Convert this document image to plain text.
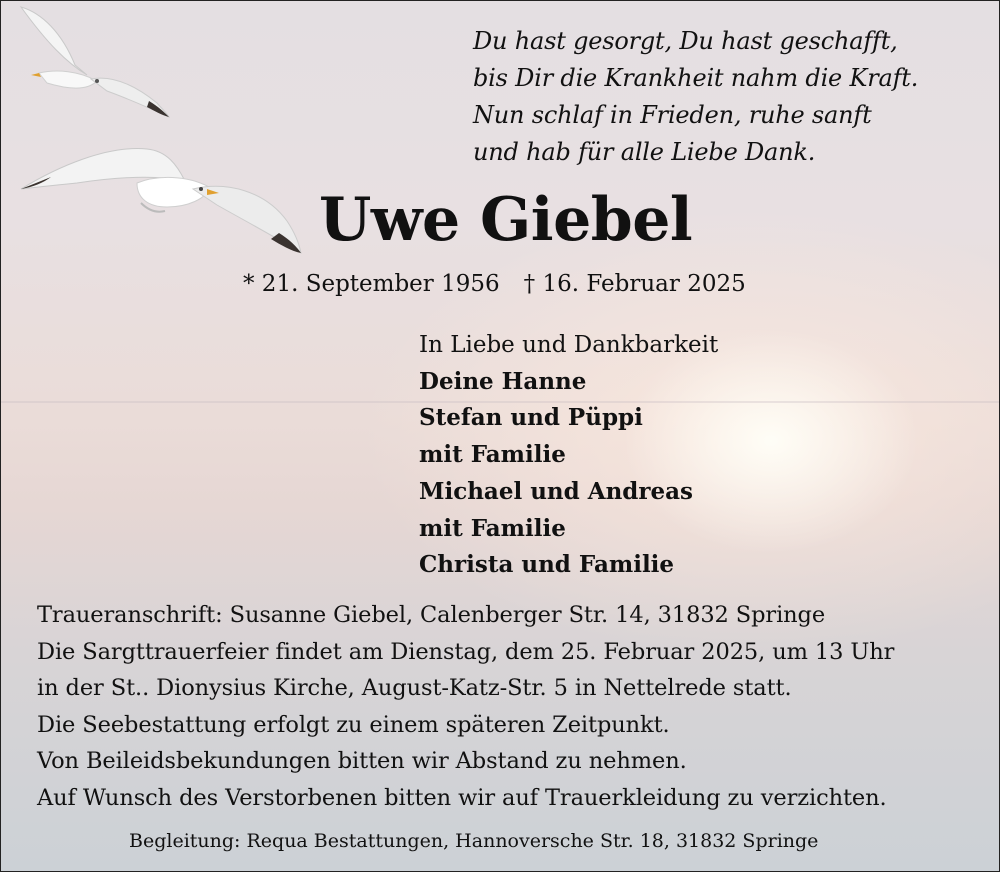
Du hast gesorgt, Du hast geschafft,
bis Dir die Krankheit nahm die Kraft.
Nun schlaf in Frieden, ruhe sanft
und hab für alle Liebe Dank.
Uwe Giebel
* 21. September 1956 † 16. Februar 2025
In Liebe und Dankbarkeit
Deine Hanne
Stefan und Püppi
mit Familie
Michael und Andreas
mit Familie
Christa und Familie
Traueranschrift: Susanne Giebel, Calenberger Str. 14, 31832 Springe
Die Sargttrauerfeier findet am Dienstag, dem 25. Februar 2025, um 13 Uhr
in der St.. Dionysius Kirche, August-Katz-Str. 5 in Nettelrede statt.
Die Seebestattung erfolgt zu einem späteren Zeitpunkt.
Von Beileidsbekundungen bitten wir Abstand zu nehmen.
Auf Wunsch des Verstorbenen bitten wir auf Trauerkleidung zu verzichten.
Begleitung: Requa Bestattungen, Hannoversche Str. 18, 31832 Springe
